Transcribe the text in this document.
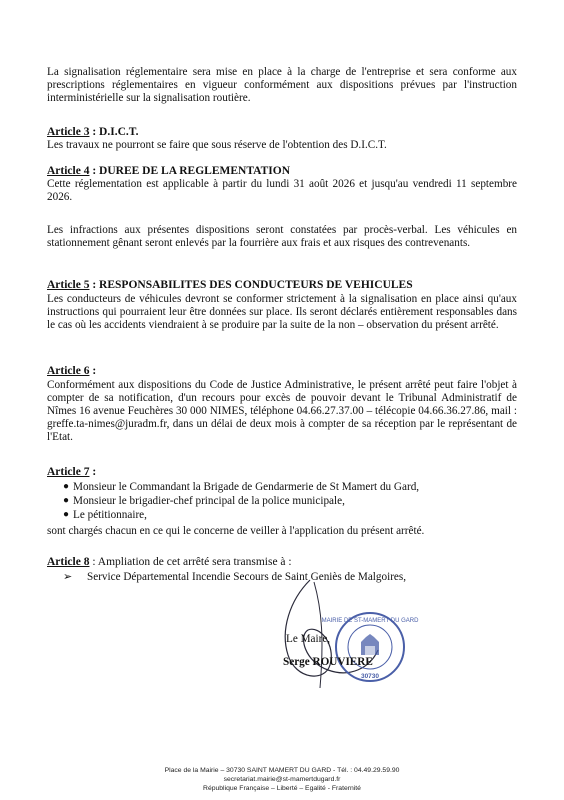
La signalisation réglementaire sera mise en place à la charge de l'entreprise et sera conforme aux prescriptions réglementaires en vigueur conformément aux dispositions prévues par l'instruction interministérielle sur la signalisation routière.

Article 3 : D.I.C.T.

Les travaux ne pourront se faire que sous réserve de l'obtention des D.I.C.T.

Article 4 : DUREE DE LA REGLEMENTATION

Cette réglementation est applicable à partir du lundi 31 août 2026 et jusqu'au vendredi 11 septembre 2026.

Les infractions aux présentes dispositions seront constatées par procès-verbal. Les véhicules en stationnement gênant seront enlevés par la fourrière aux frais et aux risques des contrevenants.

Article 5 : RESPONSABILITES DES CONDUCTEURS DE VEHICULES

Les conducteurs de véhicules devront se conformer strictement à la signalisation en place ainsi qu'aux instructions qui pourraient leur être données sur place. Ils seront déclarés entièrement responsables dans le cas où les accidents viendraient à se produire par la suite de la non – observation du présent arrêté.

Article 6 :

Conformément aux dispositions du Code de Justice Administrative, le présent arrêté peut faire l'objet à compter de sa notification, d'un recours pour excès de pouvoir devant le Tribunal Administratif de Nîmes 16 avenue Feuchères 30 000 NIMES, téléphone 04.66.27.37.00 – télécopie 04.66.36.27.86, mail : greffe.ta-nimes@juradm.fr, dans un délai de deux mois à compter de sa réception par le représentant de l'Etat.

Article 7 :
● Monsieur le Commandant la Brigade de Gendarmerie de St Mamert du Gard,
● Monsieur le brigadier-chef principal de la police municipale,
● Le pétitionnaire,

sont chargés chacun en ce qui le concerne de veiller à l'application du présent arrêté.

Article 8 : Ampliation de cet arrêté sera transmise à :
➢ Service Départemental Incendie Secours de Saint Geniès de Malgoires,
MAIRIE DE ST-MAMERT DU GARD
30730
Le Maire,
Serge ROUVIERE
Place de la Mairie – 30730 SAINT MAMERT DU GARD - Tél. : 04.49.29.59.90
secretariat.mairie@st-mamertdugard.fr
République Française – Liberté – Egalité - Fraternité
